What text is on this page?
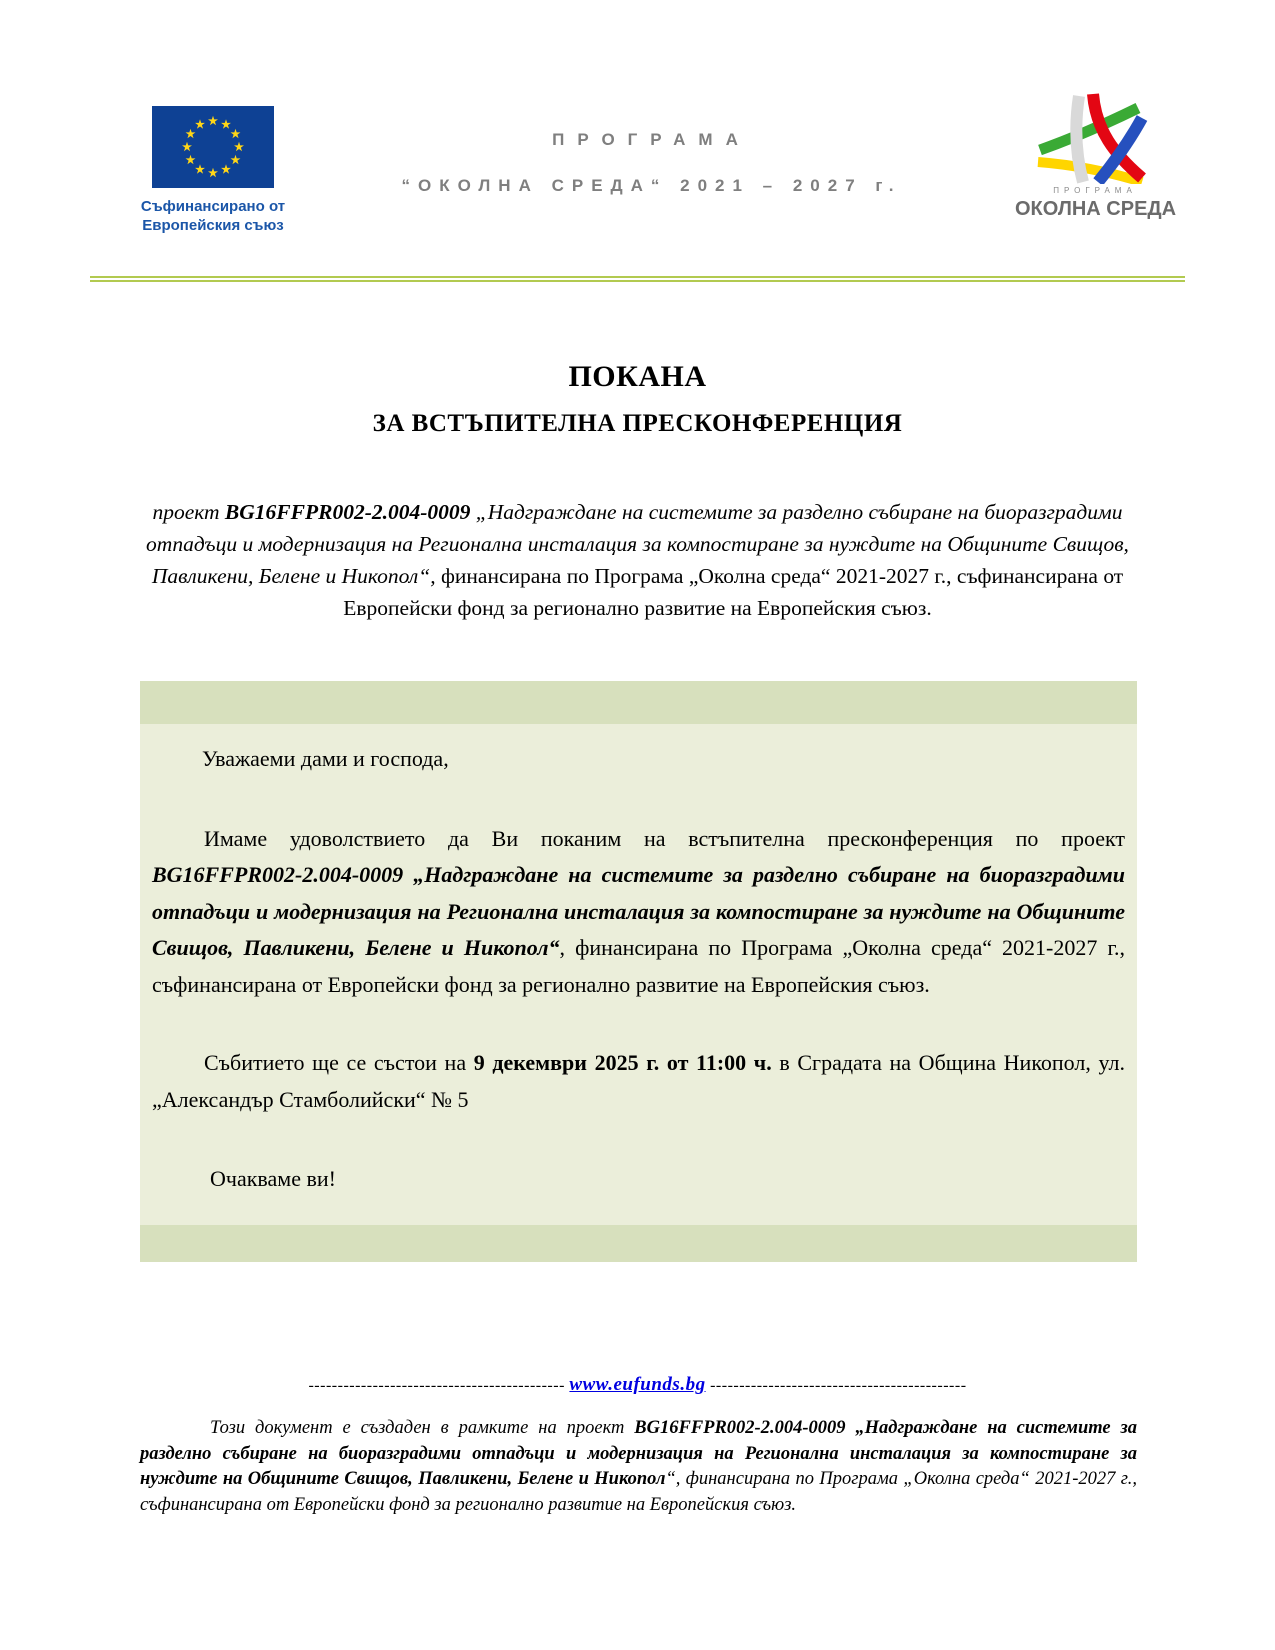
Съфинансирано от
Европейския съюз
ПРОГРАМА
“ОКОЛНА СРЕДА“ 2021 – 2027 г.	ПРОГРАМА
ОКОЛНА СРЕДА
ПОКАНА
ЗА ВСТЪПИТЕЛНА ПРЕСКОНФЕРЕНЦИЯ

проект BG16FFPR002-2.004-0009 „Надграждане на системите за разделно събиране на биоразградими отпадъци и модернизация на Регионална инсталация за компостиране за нуждите на Общините Свищов, Павликени, Белене и Никопол“, финансирана по Програма „Околна среда“ 2021-2027 г., съфинансирана от Европейски фонд за регионално развитие на Европейския съюз.

Уважаеми дами и господа,

Имаме удоволствието да Ви поканим на встъпителна пресконференция по проект BG16FFPR002-2.004-0009 „Надграждане на системите за разделно събиране на биоразградими отпадъци и модернизация на Регионална инсталация за компостиране за нуждите на Общините Свищов, Павликени, Белене и Никопол“, финансирана по Програма „Околна среда“ 2021-2027 г., съфинансирана от Европейски фонд за регионално развитие на Европейския съюз.

Събитието ще се състои на 9 декември 2025 г. от 11:00 ч. в Сградата на Община Никопол, ул. „Александър Стамболийски“ № 5

Очакваме ви!

-------------------------------------------- www.eufunds.bg --------------------------------------------

Този документ е създаден в рамките на проект BG16FFPR002-2.004-0009 „Надграждане на системите за разделно събиране на биоразградими отпадъци и модернизация на Регионална инсталация за компостиране за нуждите на Общините Свищов, Павликени, Белене и Никопол“, финансирана по Програма „Околна среда“ 2021-2027 г., съфинансирана от Европейски фонд за регионално развитие на Европейския съюз.
